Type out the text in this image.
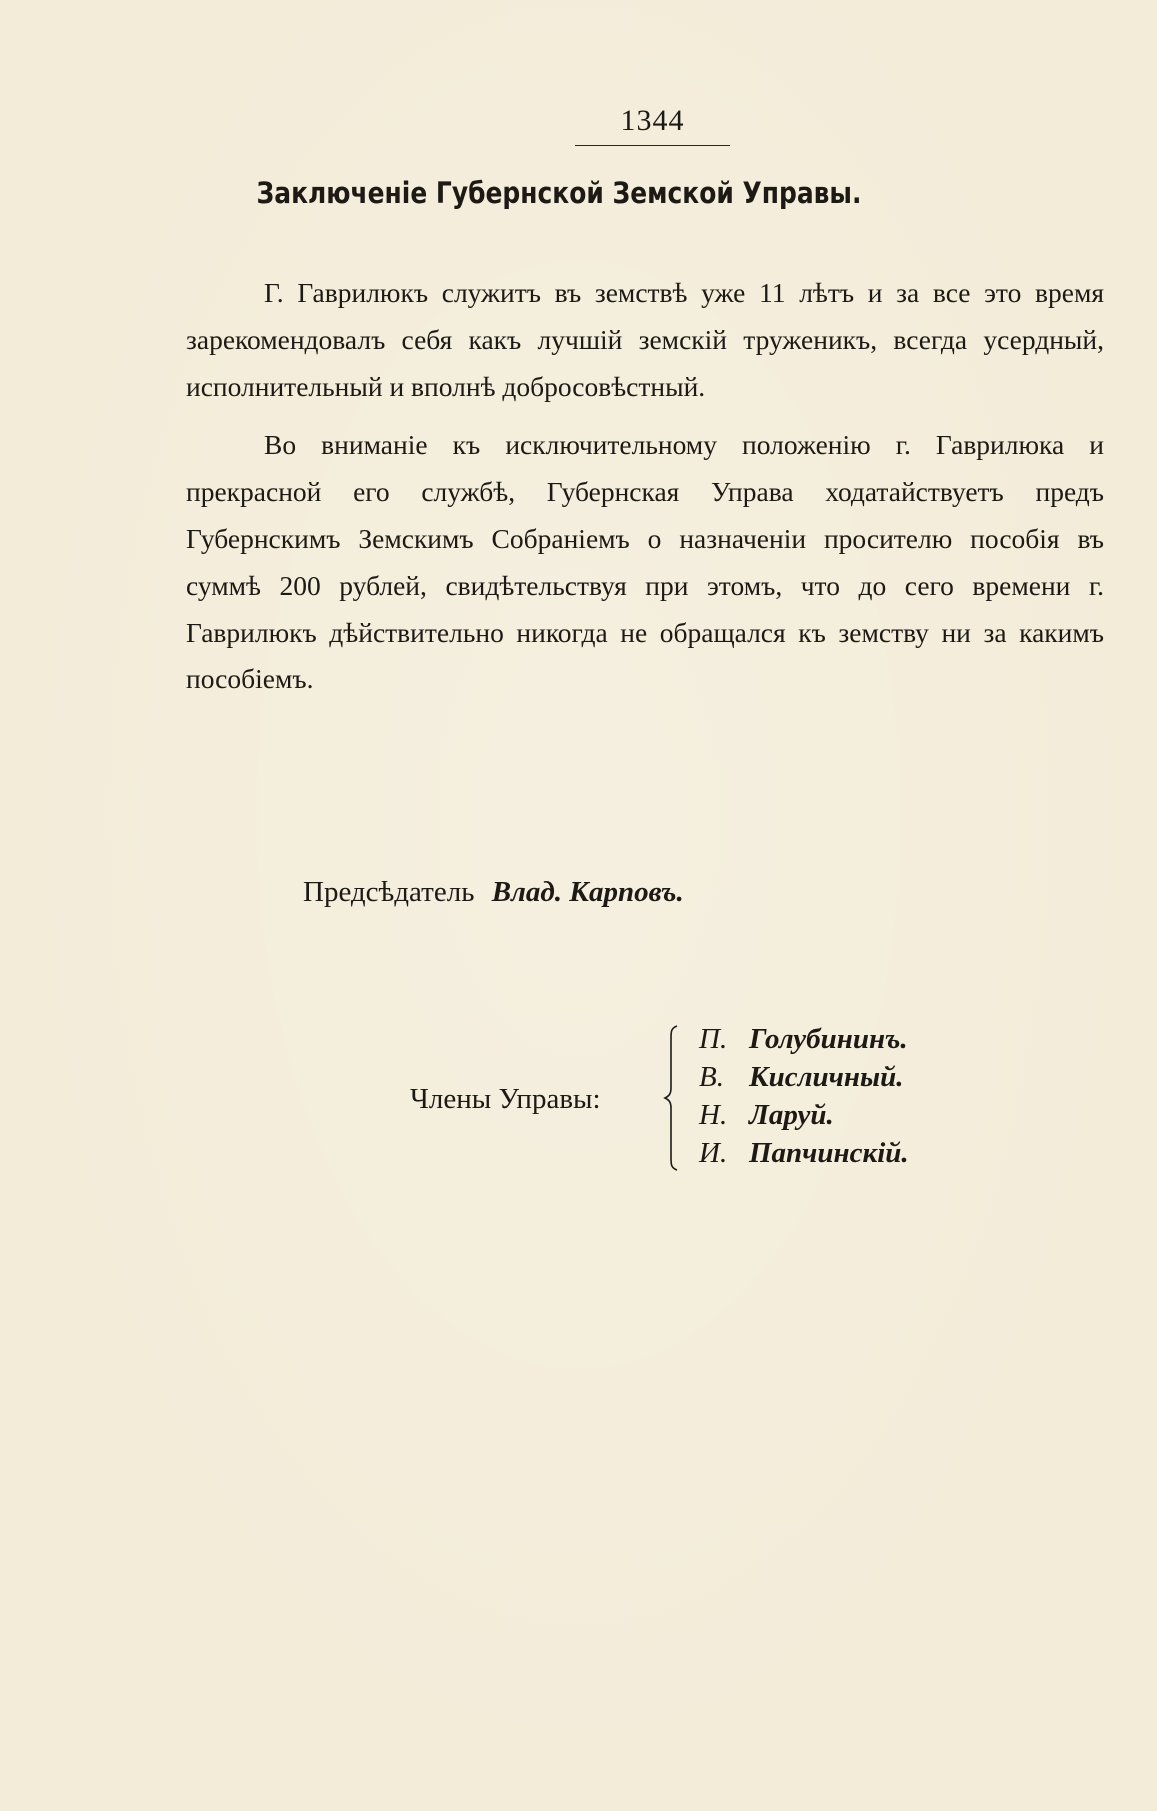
1344
Заключеніе Губернской Земской Управы.

Г. Гаврилюкъ служитъ въ земствѣ уже 11 лѣтъ и за все это время зарекомендовалъ себя какъ лучшій земскій труженикъ, всегда усердный, исполнительный и вполнѣ добросовѣстный.

Во вниманіе къ исключительному положенію г. Гаврилюка и прекрасной его службѣ, Губернская Управа ходатайствуетъ предъ Губернскимъ Земскимъ Собраніемъ о назначеніи просителю пособія въ суммѣ 200 рублей, свидѣтельствуя при этомъ, что до сего времени г. Гаврилюкъ дѣйствительно никогда не обращался къ земству ни за какимъ пособіемъ.

Предсѣдатель Влад. Карповъ.
Члены Управы:
П. Голубининъ.
В. Кисличный.
Н. Ларуй.
И. Папчинскій.
